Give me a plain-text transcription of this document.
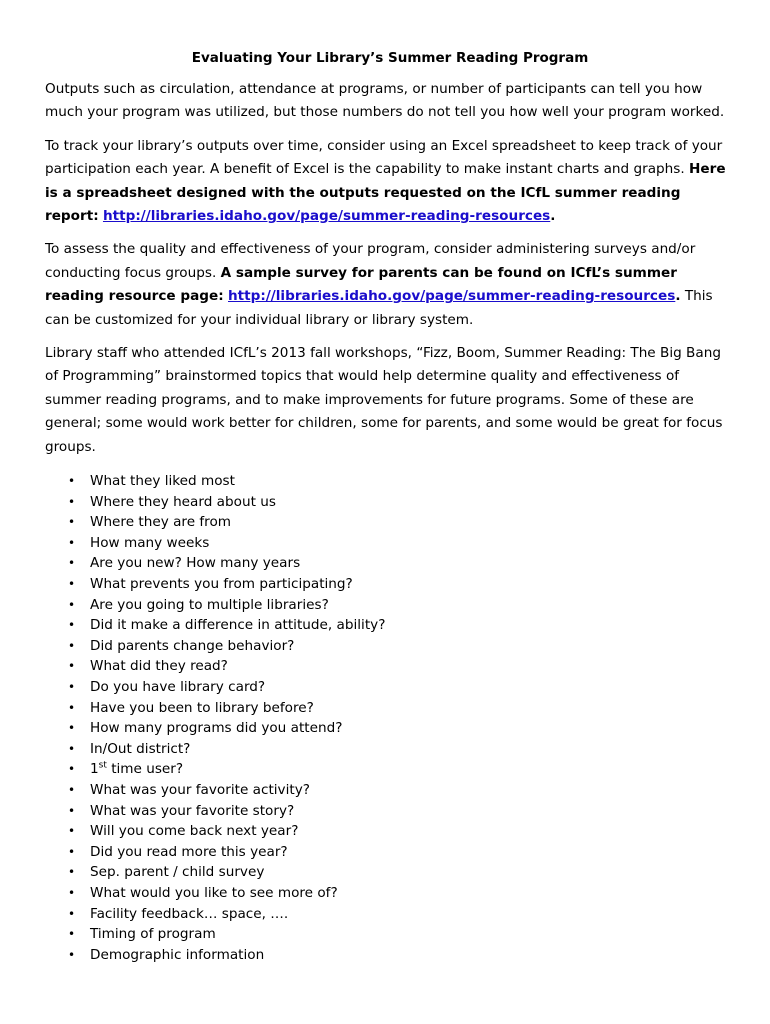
Evaluating Your Library’s Summer Reading Program

Outputs such as circulation, attendance at programs, or number of participants can tell you how much your program was utilized, but those numbers do not tell you how well your program worked.

To track your library’s outputs over time, consider using an Excel spreadsheet to keep track of your participation each year. A benefit of Excel is the capability to make instant charts and graphs. Here is a spreadsheet designed with the outputs requested on the ICfL summer reading report: http://libraries.idaho.gov/page/summer-reading-resources.

To assess the quality and effectiveness of your program, consider administering surveys and/or conducting focus groups. A sample survey for parents can be found on ICfL’s summer reading resource page: http://libraries.idaho.gov/page/summer-reading-resources. This can be customized for your individual library or library system.

Library staff who attended ICfL’s 2013 fall workshops, “Fizz, Boom, Summer Reading: The Big Bang of Programming” brainstormed topics that would help determine quality and effectiveness of summer reading programs, and to make improvements for future programs. Some of these are general; some would work better for children, some for parents, and some would be great for focus groups.

• What they liked most
• Where they heard about us
• Where they are from
• How many weeks
• Are you new? How many years
• What prevents you from participating?
• Are you going to multiple libraries?
• Did it make a difference in attitude, ability?
• Did parents change behavior?
• What did they read?
• Do you have library card?
• Have you been to library before?
• How many programs did you attend?
• In/Out district?
• 1st time user?
• What was your favorite activity?
• What was your favorite story?
• Will you come back next year?
• Did you read more this year?
• Sep. parent / child survey
• What would you like to see more of?
• Facility feedback… space, ….
• Timing of program
• Demographic information
